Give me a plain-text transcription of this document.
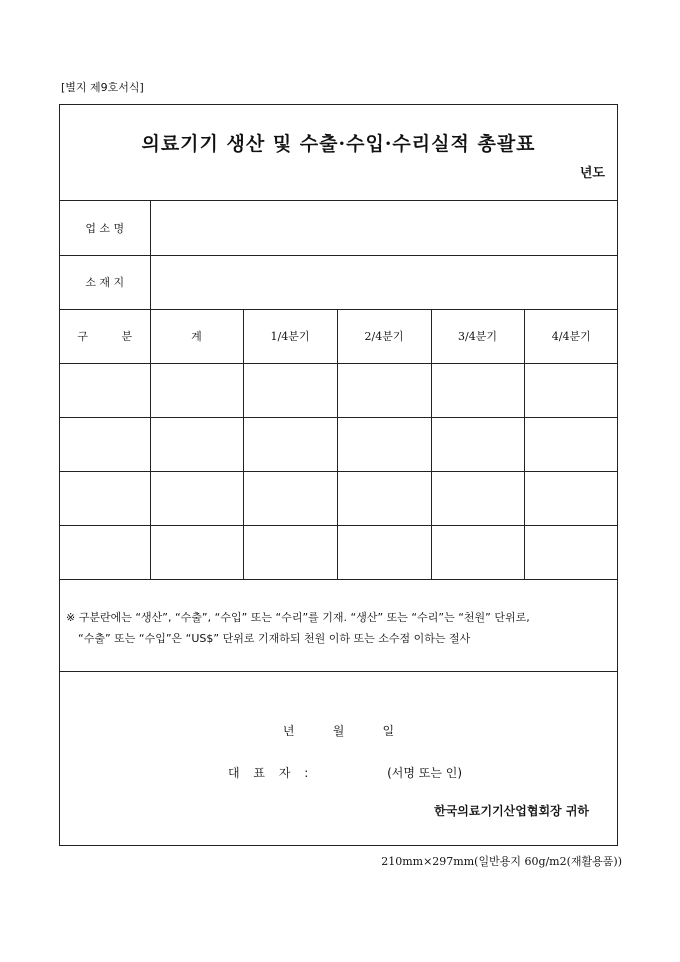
[별지 제9호서식]
의료기기 생산 및 수출·수입·수리실적 총괄표
년도
업 소 명					
소 재 지					
구 분	계	1/4분기	2/4분기	3/4분기	4/4분기

※ 구분란에는 “생산”, “수출”, “수입” 또는 “수리”를 기재. “생산” 또는 “수리”는 “천원” 단위로,
“수출” 또는 “수입”은 “US$” 단위로 기재하되 천원 이하 또는 소수점 이하는 절사
년	월	일
대 표 자 :	(서명 또는 인)
한국의료기기산업협회장 귀하
210mm×297mm(일반용지 60g/m2(재활용품))
